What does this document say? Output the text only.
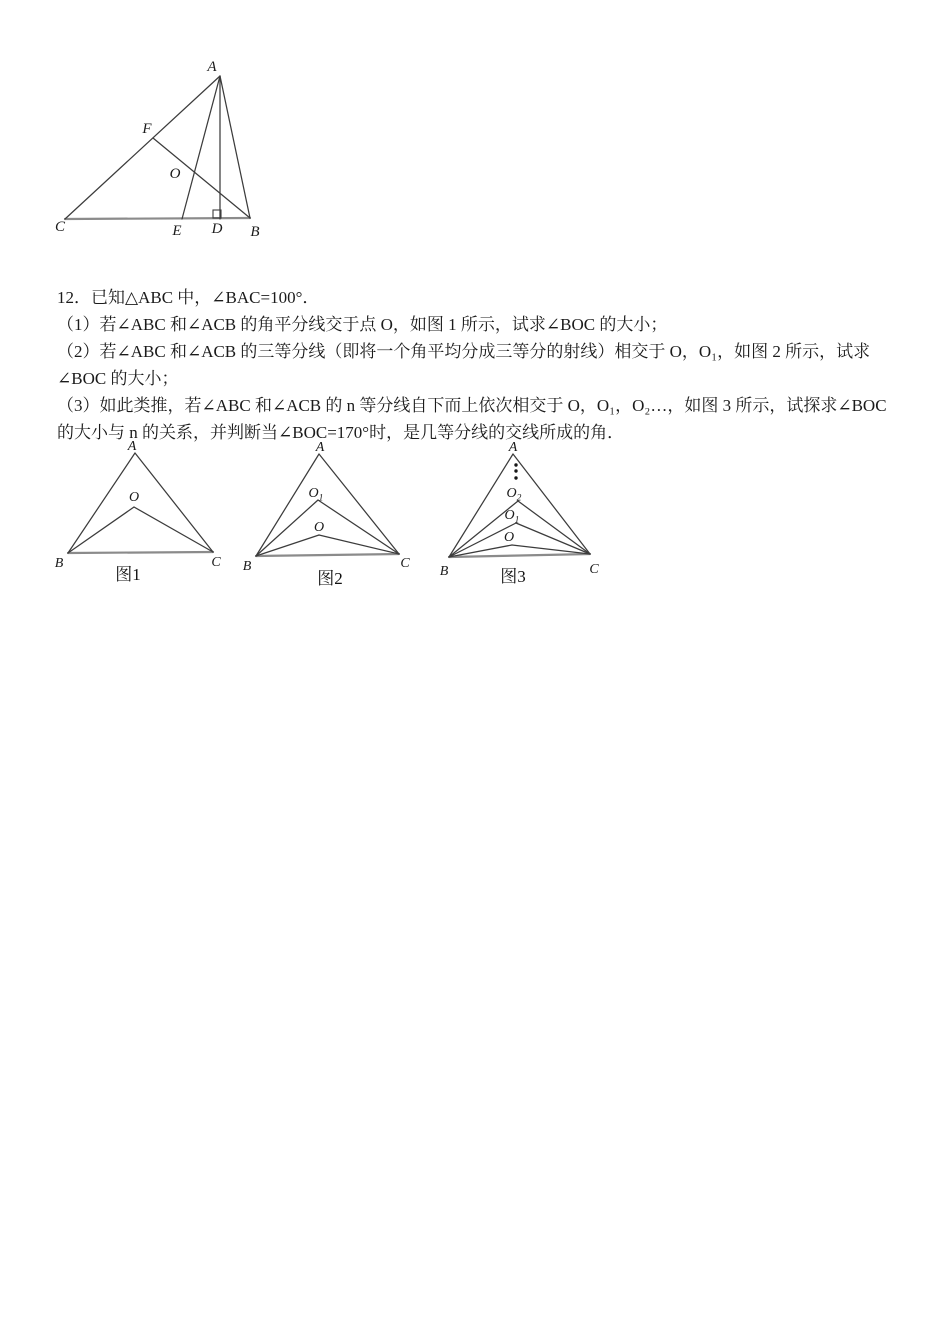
A
B
C	D
E
F
O
A
B	C
O
图1
A
B	C
$O_1$
O
图2
A
B	C
$O_2$
$O_1$
O
图3
12．已知△ABC 中，∠BAC=100°．
（1）若∠ABC 和∠ACB 的角平分线交于点 O，如图 1 所示，试求∠BOC 的大小；
（2）若∠ABC 和∠ACB 的三等分线（即将一个角平均分成三等分的射线）相交于 O，O₁，如图 2 所示，试求
∠BOC 的大小；
（3）如此类推，若∠ABC 和∠ACB 的 n 等分线自下而上依次相交于 O，O₁，O₂…，如图 3 所示，试探求∠BOC
的大小与 n 的关系，并判断当∠BOC=170°时，是几等分线的交线所成的角．
